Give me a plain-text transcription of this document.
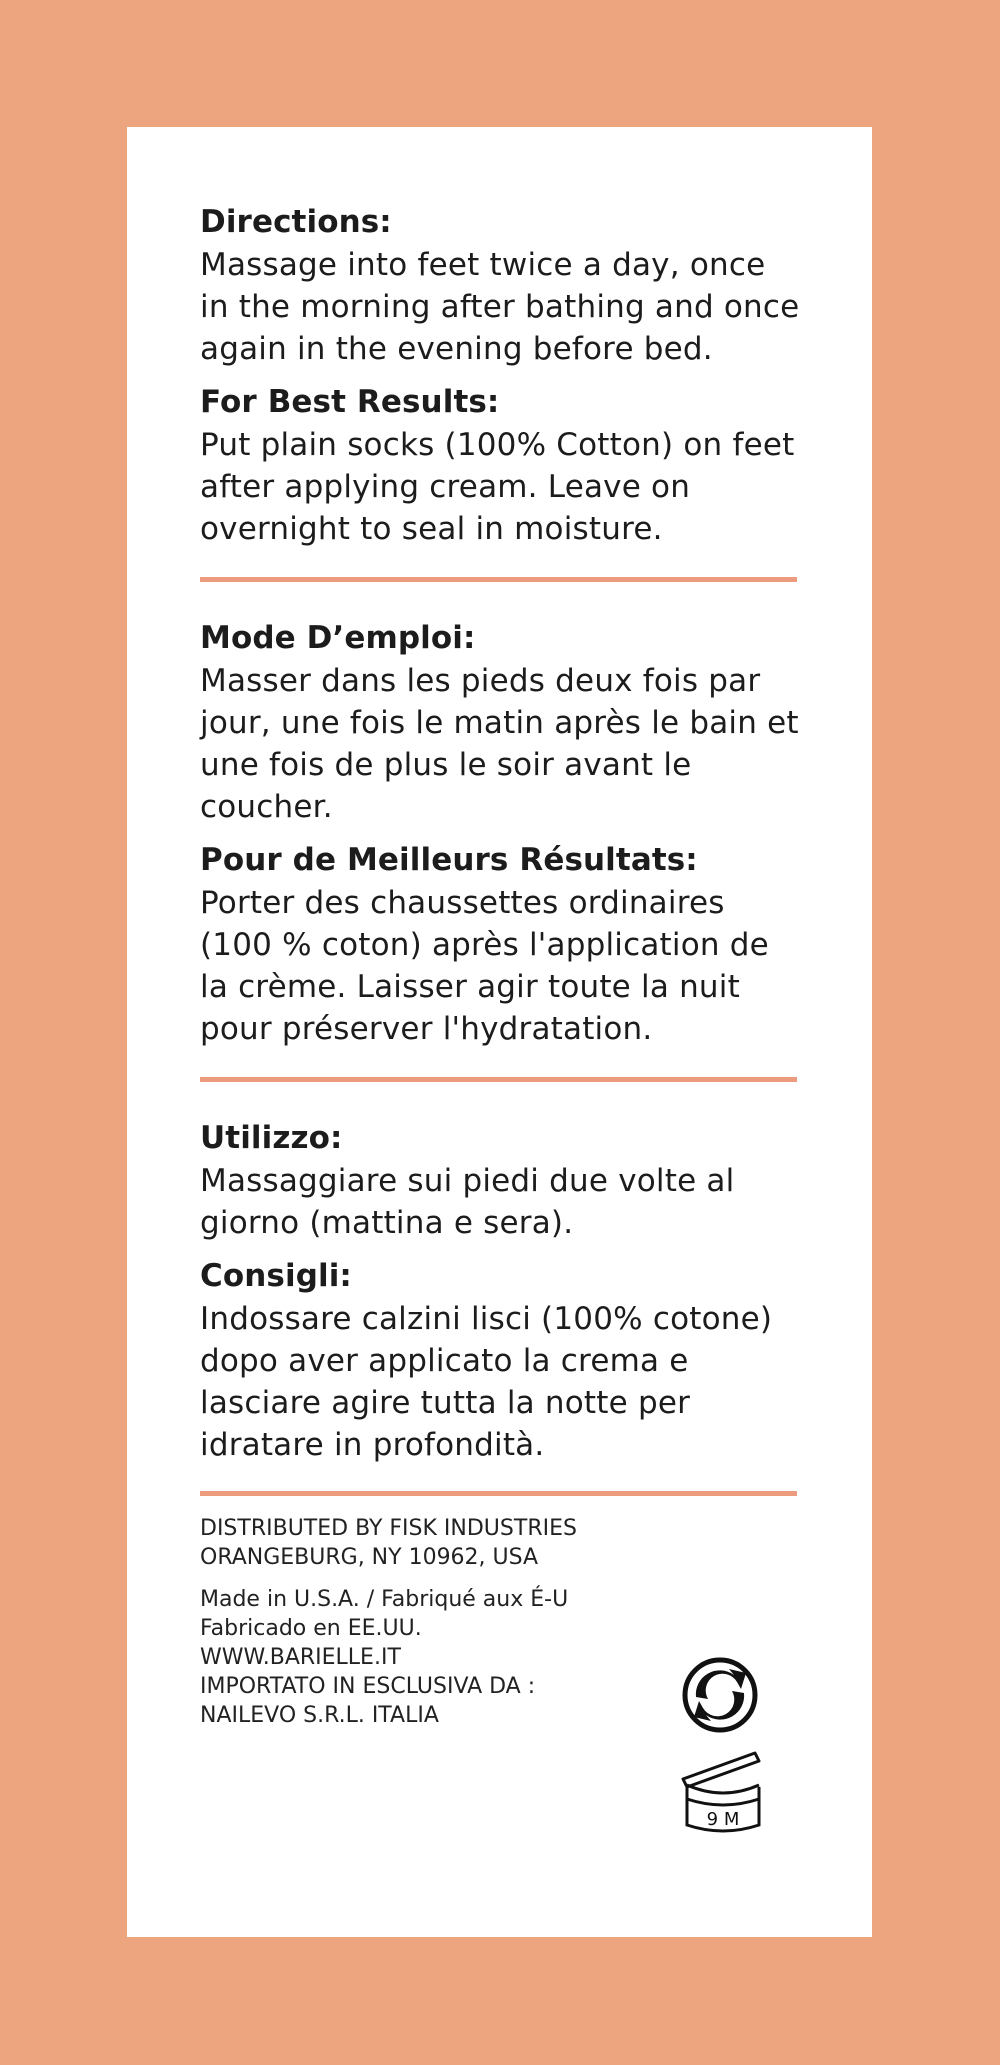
Directions:

Massage into feet twice a day, once in the morning after bathing and once again in the evening before bed.

For Best Results:

Put plain socks (100% Cotton) on feet after applying cream. Leave on overnight to seal in moisture.

Mode D’emploi:

Masser dans les pieds deux fois par jour, une fois le matin après le bain et une fois de plus le soir avant le coucher.

Pour de Meilleurs Résultats:

Porter des chaussettes ordinaires (100 % coton) après l'application de la crème. Laisser agir toute la nuit pour préserver l'hydratation.

Utilizzo:

Massaggiare sui piedi due volte al giorno (mattina e sera).

Consigli:

Indossare calzini lisci (100% cotone) dopo aver applicato la crema e lasciare agire tutta la notte per idratare in profondità.

DISTRIBUTED BY FISK INDUSTRIES
ORANGEBURG, NY 10962, USA
Made in U.S.A. / Fabriqué aux É-U
Fabricado en EE.UU.
WWW.BARIELLE.IT
IMPORTATO IN ESCLUSIVA DA :
NAILEVO S.R.L. ITALIA
9 M
